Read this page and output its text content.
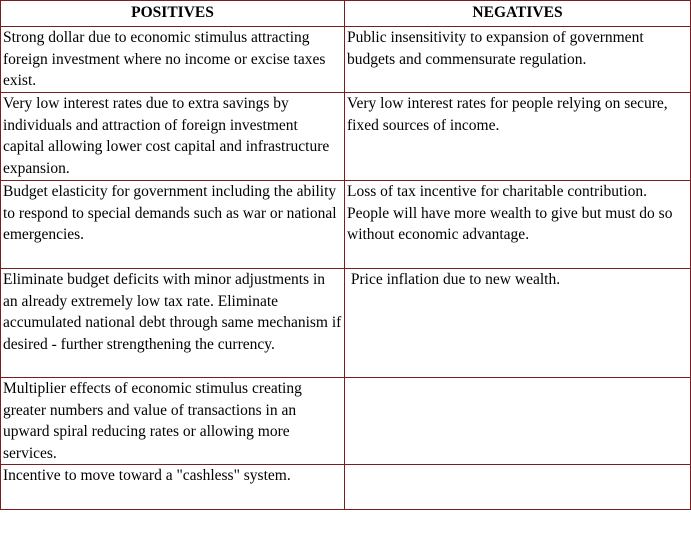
POSITIVES	NEGATIVES
Strong dollar due to economic stimulus attracting foreign investment where no income or excise taxes exist.	Public insensitivity to expansion of government budgets and commensurate regulation.
Very low interest rates due to extra savings by individuals and attraction of foreign investment capital allowing lower cost capital and infrastructure expansion.	Very low interest rates for people relying on secure, fixed sources of income.
Budget elasticity for government including the ability to respond to special demands such as war or national emergencies.	Loss of tax incentive for charitable contribution. People will have more wealth to give but must do so without economic advantage.
Eliminate budget deficits with minor adjustments in an already extremely low tax rate. Eliminate accumulated national debt through same mechanism if desired - further strengthening the currency.	Price inflation due to new wealth.
Multiplier effects of economic stimulus creating greater numbers and value of transactions in an upward spiral reducing rates or allowing more services.	
Incentive to move toward a "cashless" system.	
